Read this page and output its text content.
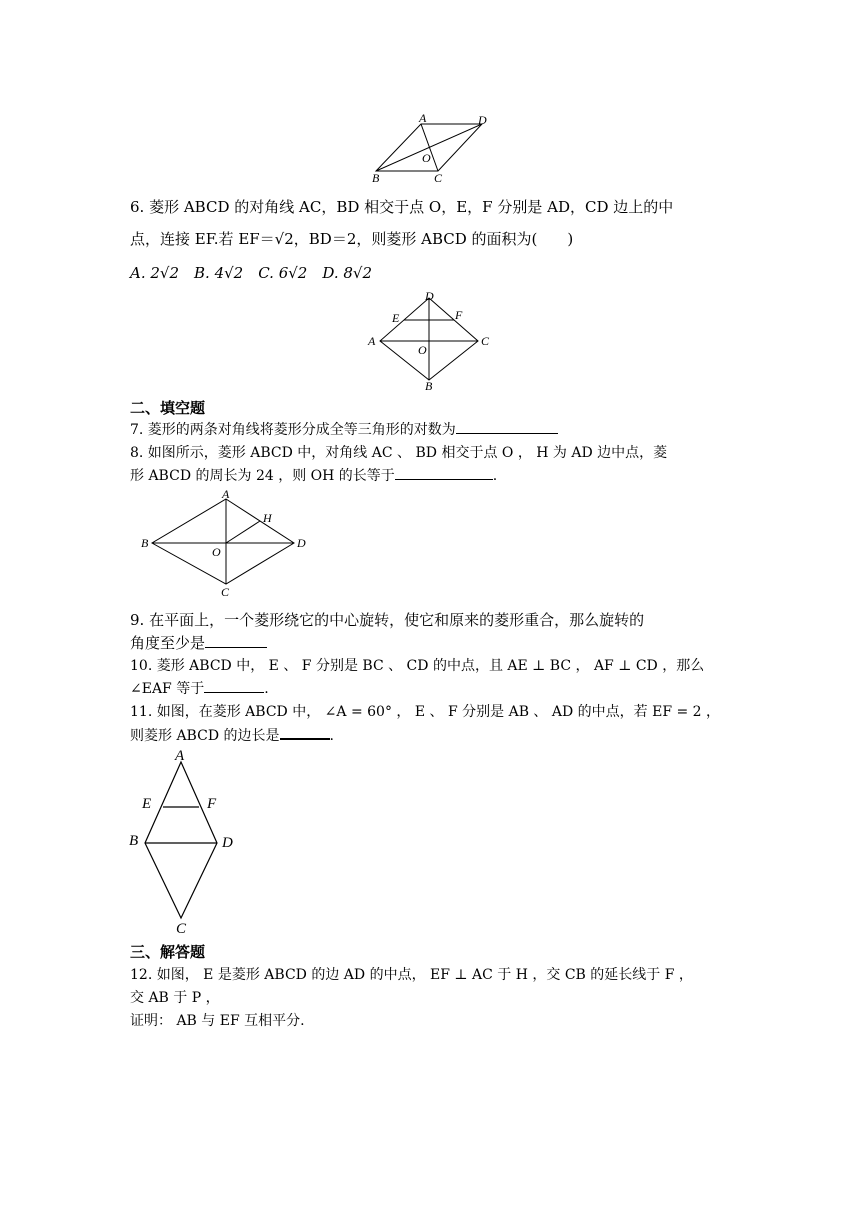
A	D
B	C
O
6. 菱形 ABCD 的对角线 AC，BD 相交于点 O，E，F 分别是 AD，CD 边上的中
点，连接 EF.若 EF＝√2，BD＝2，则菱形 ABCD 的面积为(　　)
A. 2√2　B. 4√2　C. 6√2　D. 8√2
D
E	F
A
O
C
B
二、填空题
7. 菱形的两条对角线将菱形分成全等三角形的对数为
8. 如图所示，菱形 ABCD 中，对角线 AC 、 BD 相交于点 O ， H 为 AD 边中点，菱
形 ABCD 的周长为 24 ，则 OH 的长等于	.
A
H
B
O
D
C
9. 在平面上，一个菱形绕它的中心旋转，使它和原来的菱形重合，那么旋转的
角度至少是
10. 菱形 ABCD 中， E 、 F 分别是 BC 、 CD 的中点，且 AE ⊥ BC ， AF ⊥ CD ，那么
∠EAF 等于	.
11. 如图，在菱形 ABCD 中， ∠A = 60° ， E 、 F 分别是 AB 、 AD 的中点，若 EF = 2 ，
则菱形 ABCD 的边长是	.
A
E	F
B	D
C
三、解答题
12. 如图， E 是菱形 ABCD 的边 AD 的中点， EF ⊥ AC 于 H ，交 CB 的延长线于 F ，
交 AB 于 P ，
证明： AB 与 EF 互相平分.
